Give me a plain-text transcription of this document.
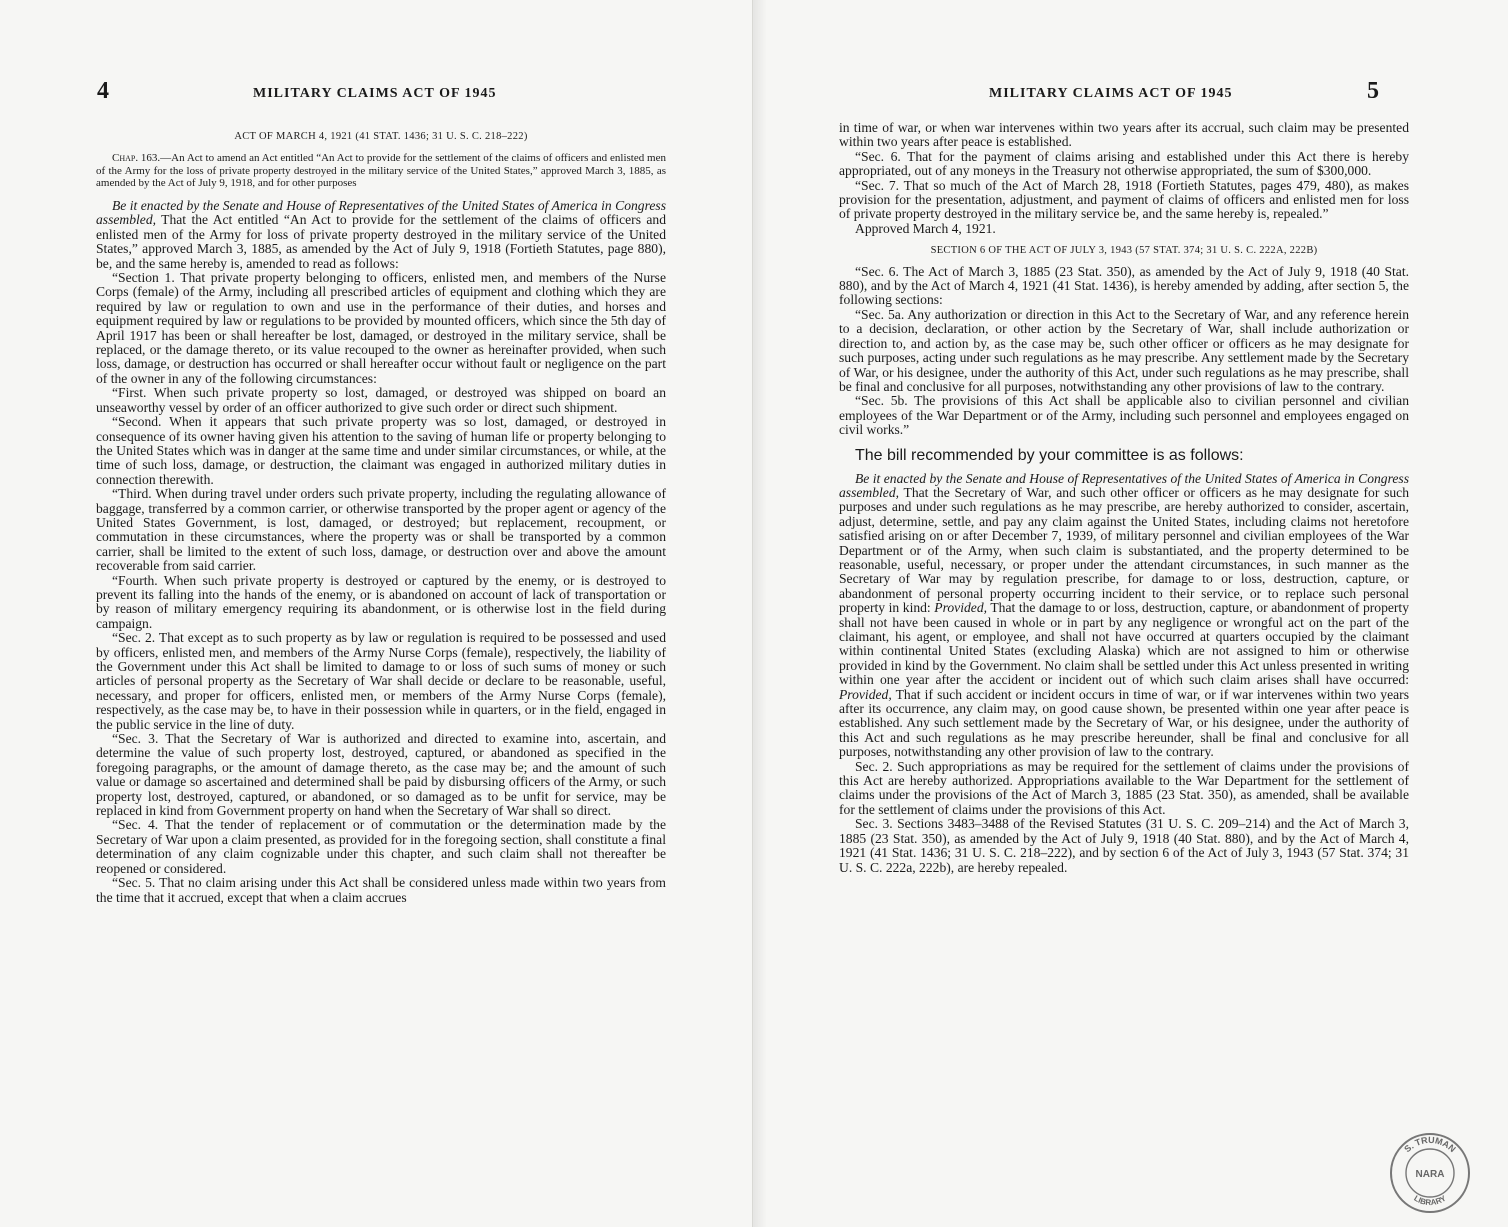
4	MILITARY CLAIMS ACT OF 1945
ACT OF MARCH 4, 1921 (41 STAT. 1436; 31 U. S. C. 218–222)
Chap. 163.—An Act to amend an Act entitled “An Act to provide for the settlement of the claims of officers and enlisted men of the Army for the loss of private property destroyed in the military service of the United States,” approved March 3, 1885, as amended by the Act of July 9, 1918, and for other purposes

Be it enacted by the Senate and House of Representatives of the United States of America in Congress assembled, That the Act entitled “An Act to provide for the settlement of the claims of officers and enlisted men of the Army for loss of private property destroyed in the military service of the United States,” approved March 3, 1885, as amended by the Act of July 9, 1918 (Fortieth Statutes, page 880), be, and the same hereby is, amended to read as follows:

“Section 1. That private property belonging to officers, enlisted men, and members of the Nurse Corps (female) of the Army, including all prescribed articles of equipment and clothing which they are required by law or regulation to own and use in the performance of their duties, and horses and equipment required by law or regulations to be provided by mounted officers, which since the 5th day of April 1917 has been or shall hereafter be lost, damaged, or destroyed in the military service, shall be replaced, or the damage thereto, or its value recouped to the owner as hereinafter provided, when such loss, damage, or destruction has occurred or shall hereafter occur without fault or negligence on the part of the owner in any of the following circumstances:

“First. When such private property so lost, damaged, or destroyed was shipped on board an unseaworthy vessel by order of an officer authorized to give such order or direct such shipment.

“Second. When it appears that such private property was so lost, damaged, or destroyed in consequence of its owner having given his attention to the saving of human life or property belonging to the United States which was in danger at the same time and under similar circumstances, or while, at the time of such loss, damage, or destruction, the claimant was engaged in authorized military duties in connection therewith.

“Third. When during travel under orders such private property, including the regulating allowance of baggage, transferred by a common carrier, or otherwise transported by the proper agent or agency of the United States Government, is lost, damaged, or destroyed; but replacement, recoupment, or commutation in these circumstances, where the property was or shall be transported by a common carrier, shall be limited to the extent of such loss, damage, or destruction over and above the amount recoverable from said carrier.

“Fourth. When such private property is destroyed or captured by the enemy, or is destroyed to prevent its falling into the hands of the enemy, or is abandoned on account of lack of transportation or by reason of military emergency requiring its abandonment, or is otherwise lost in the field during campaign.

“Sec. 2. That except as to such property as by law or regulation is required to be possessed and used by officers, enlisted men, and members of the Army Nurse Corps (female), respectively, the liability of the Government under this Act shall be limited to damage to or loss of such sums of money or such articles of personal property as the Secretary of War shall decide or declare to be reasonable, useful, necessary, and proper for officers, enlisted men, or members of the Army Nurse Corps (female), respectively, as the case may be, to have in their possession while in quarters, or in the field, engaged in the public service in the line of duty.

“Sec. 3. That the Secretary of War is authorized and directed to examine into, ascertain, and determine the value of such property lost, destroyed, captured, or abandoned as specified in the foregoing paragraphs, or the amount of damage thereto, as the case may be; and the amount of such value or damage so ascertained and determined shall be paid by disbursing officers of the Army, or such property lost, destroyed, captured, or abandoned, or so damaged as to be unfit for service, may be replaced in kind from Government property on hand when the Secretary of War shall so direct.

“Sec. 4. That the tender of replacement or of commutation or the determination made by the Secretary of War upon a claim presented, as provided for in the foregoing section, shall constitute a final determination of any claim cognizable under this chapter, and such claim shall not thereafter be reopened or considered.

“Sec. 5. That no claim arising under this Act shall be considered unless made within two years from the time that it accrued, except that when a claim accrues

MILITARY CLAIMS ACT OF 1945	5

in time of war, or when war intervenes within two years after its accrual, such claim may be presented within two years after peace is established.

“Sec. 6. That for the payment of claims arising and established under this Act there is hereby appropriated, out of any moneys in the Treasury not otherwise appropriated, the sum of $300,000.

“Sec. 7. That so much of the Act of March 28, 1918 (Fortieth Statutes, pages 479, 480), as makes provision for the presentation, adjustment, and payment of claims of officers and enlisted men for loss of private property destroyed in the military service be, and the same hereby is, repealed.”

Approved March 4, 1921.

SECTION 6 OF THE ACT OF JULY 3, 1943 (57 STAT. 374; 31 U. S. C. 222A, 222B)

“Sec. 6. The Act of March 3, 1885 (23 Stat. 350), as amended by the Act of July 9, 1918 (40 Stat. 880), and by the Act of March 4, 1921 (41 Stat. 1436), is hereby amended by adding, after section 5, the following sections:

“Sec. 5a. Any authorization or direction in this Act to the Secretary of War, and any reference herein to a decision, declaration, or other action by the Secretary of War, shall include authorization or direction to, and action by, as the case may be, such other officer or officers as he may designate for such purposes, acting under such regulations as he may prescribe. Any settlement made by the Secretary of War, or his designee, under the authority of this Act, under such regulations as he may prescribe, shall be final and conclusive for all purposes, notwithstanding any other provisions of law to the contrary.

“Sec. 5b. The provisions of this Act shall be applicable also to civilian personnel and civilian employees of the War Department or of the Army, including such personnel and employees engaged on civil works.”

The bill recommended by your committee is as follows:

Be it enacted by the Senate and House of Representatives of the United States of America in Congress assembled, That the Secretary of War, and such other officer or officers as he may designate for such purposes and under such regulations as he may prescribe, are hereby authorized to consider, ascertain, adjust, determine, settle, and pay any claim against the United States, including claims not heretofore satisfied arising on or after December 7, 1939, of military personnel and civilian employees of the War Department or of the Army, when such claim is substantiated, and the property determined to be reasonable, useful, necessary, or proper under the attendant circumstances, in such manner as the Secretary of War may by regulation prescribe, for damage to or loss, destruction, capture, or abandonment of personal property occurring incident to their service, or to replace such personal property in kind: Provided, That the damage to or loss, destruction, capture, or abandonment of property shall not have been caused in whole or in part by any negligence or wrongful act on the part of the claimant, his agent, or employee, and shall not have occurred at quarters occupied by the claimant within continental United States (excluding Alaska) which are not assigned to him or otherwise provided in kind by the Government. No claim shall be settled under this Act unless presented in writing within one year after the accident or incident out of which such claim arises shall have occurred: Provided, That if such accident or incident occurs in time of war, or if war intervenes within two years after its occurrence, any claim may, on good cause shown, be presented within one year after peace is established. Any such settlement made by the Secretary of War, or his designee, under the authority of this Act and such regulations as he may prescribe hereunder, shall be final and conclusive for all purposes, notwithstanding any other provision of law to the contrary.

Sec. 2. Such appropriations as may be required for the settlement of claims under the provisions of this Act are hereby authorized. Appropriations available to the War Department for the settlement of claims under the provisions of the Act of March 3, 1885 (23 Stat. 350), as amended, shall be available for the settlement of claims under the provisions of this Act.

Sec. 3. Sections 3483–3488 of the Revised Statutes (31 U. S. C. 209–214) and the Act of March 3, 1885 (23 Stat. 350), as amended by the Act of July 9, 1918 (40 Stat. 880), and by the Act of March 4, 1921 (41 Stat. 1436; 31 U. S. C. 218–222), and by section 6 of the Act of July 3, 1943 (57 Stat. 374; 31 U. S. C. 222a, 222b), are hereby repealed.

S. TRUMAN
LIBRARY
NARA
